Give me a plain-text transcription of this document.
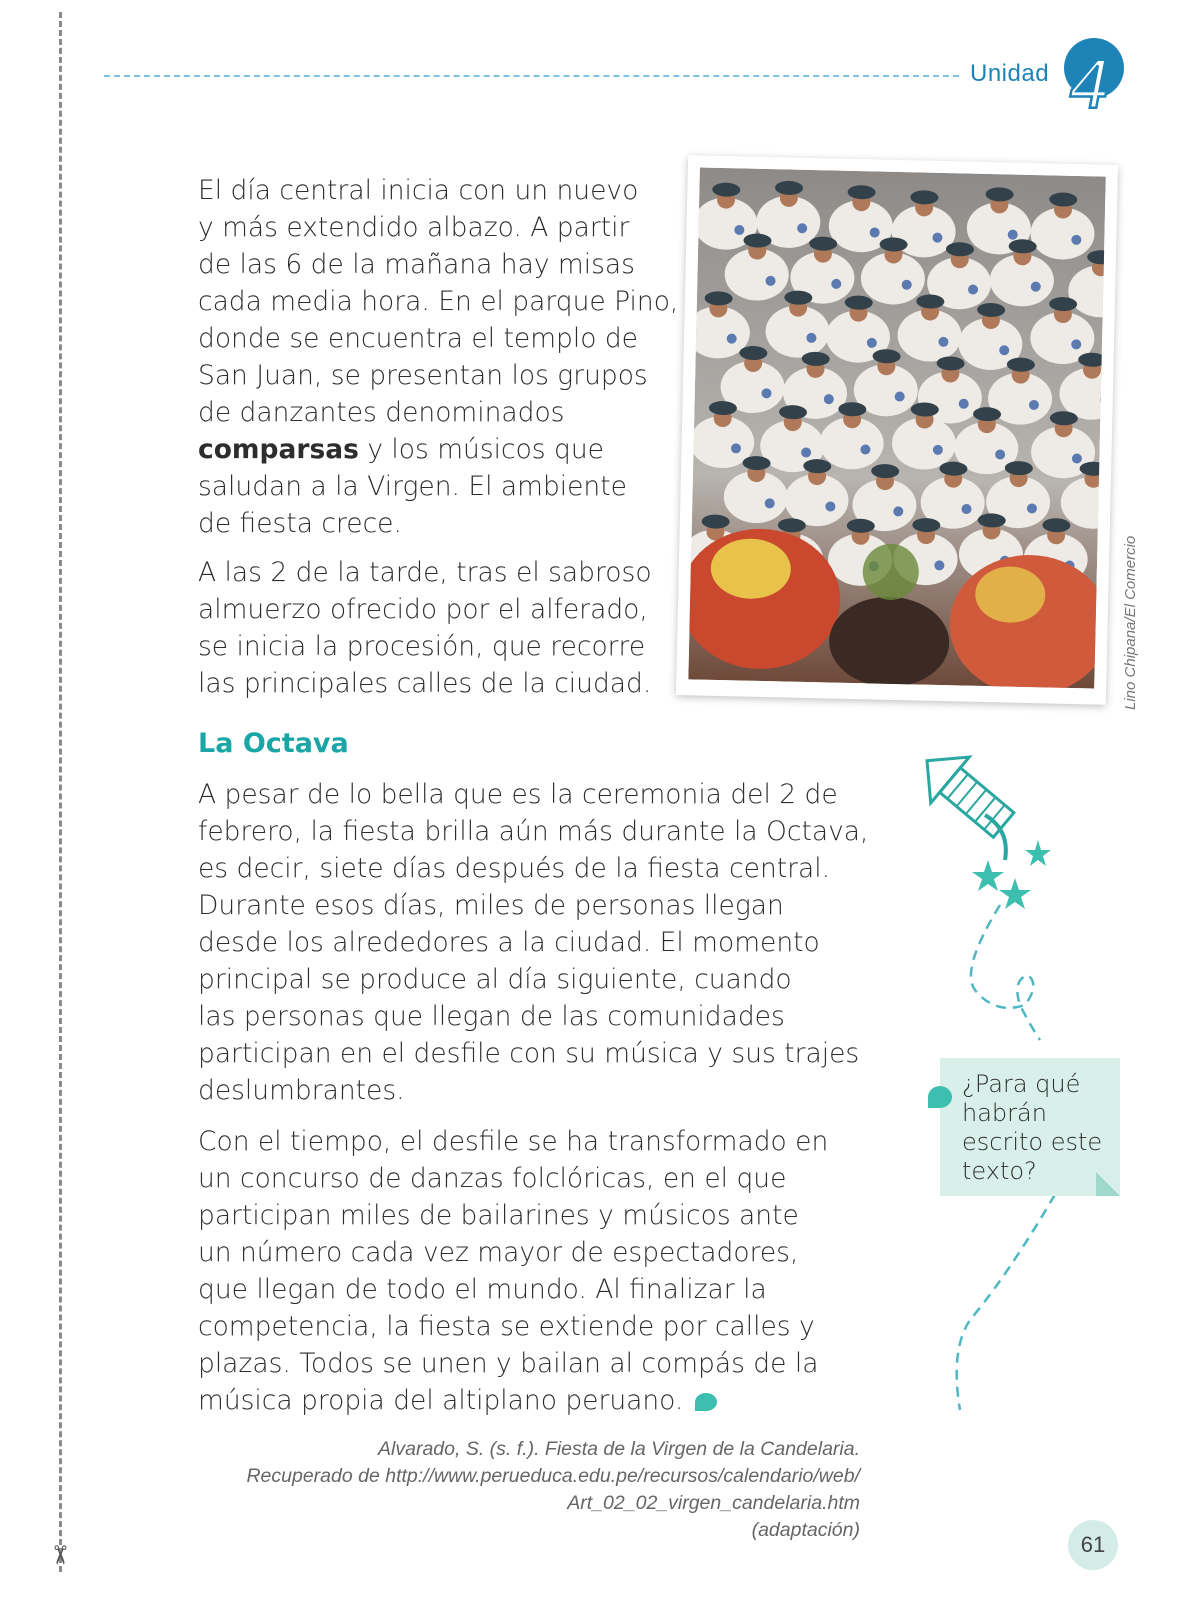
✂
Unidad 4
El día central inicia con un nuevo
y más extendido albazo. A partir
de las 6 de la mañana hay misas
cada media hora. En el parque Pino,
donde se encuentra el templo de
San Juan, se presentan los grupos
de danzantes denominados
comparsas y los músicos que
saludan a la Virgen. El ambiente
de fiesta crece.
A las 2 de la tarde, tras el sabroso
almuerzo ofrecido por el alferado,
se inicia la procesión, que recorre
las principales calles de la ciudad.	Lino Chipana/El Comercio
La Octava
A pesar de lo bella que es la ceremonia del 2 de
febrero, la fiesta brilla aún más durante la Octava,
es decir, siete días después de la fiesta central.
Durante esos días, miles de personas llegan
desde los alrededores a la ciudad. El momento
principal se produce al día siguiente, cuando
las personas que llegan de las comunidades
participan en el desfile con su música y sus trajes
deslumbrantes.
Con el tiempo, el desfile se ha transformado en
un concurso de danzas folclóricas, en el que
participan miles de bailarines y músicos ante
un número cada vez mayor de espectadores,
que llegan de todo el mundo. Al finalizar la
competencia, la fiesta se extiende por calles y
plazas. Todos se unen y bailan al compás de la
música propia del altiplano peruano.
¿Para qué habrán escrito este texto?
Alvarado, S. (s. f.). Fiesta de la Virgen de la Candelaria.
Recuperado de http://www.perueduca.edu.pe/recursos/calendario/web/
Art_02_02_virgen_candelaria.htm
(adaptación)
61
